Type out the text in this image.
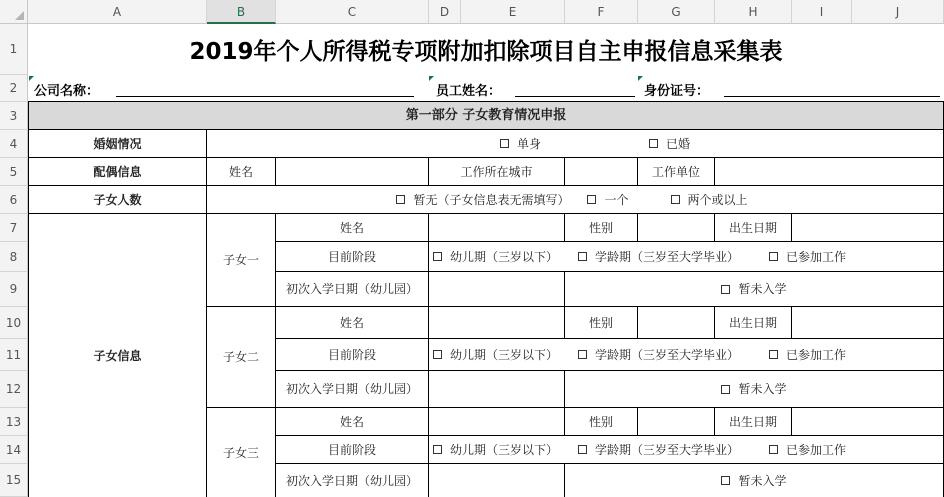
A	B	C	D	E	F	G	H	I	J
1
2
3
4
5
6
7
8
9
10
11
12
13
14
15
2019年个人所得税专项附加扣除项目自主申报信息采集表
公司名称：	员工姓名：	身份证号：
第一部分 子女教育情况申报
婚姻情况	单身	已婚
配偶信息	姓名	工作所在城市	工作单位
子女人数	暂无（子女信息表无需填写）	一个	两个或以上
子女信息
子女一
姓名	性别	出生日期
目前阶段	幼儿期（三岁以下）	学龄期（三岁至大学毕业）	已参加工作
初次入学日期（幼儿园）	暂未入学
子女二
姓名	性别	出生日期
目前阶段	幼儿期（三岁以下）	学龄期（三岁至大学毕业）	已参加工作
初次入学日期（幼儿园）	暂未入学
子女三
姓名	性别	出生日期
目前阶段	幼儿期（三岁以下）	学龄期（三岁至大学毕业）	已参加工作
初次入学日期（幼儿园）	暂未入学
